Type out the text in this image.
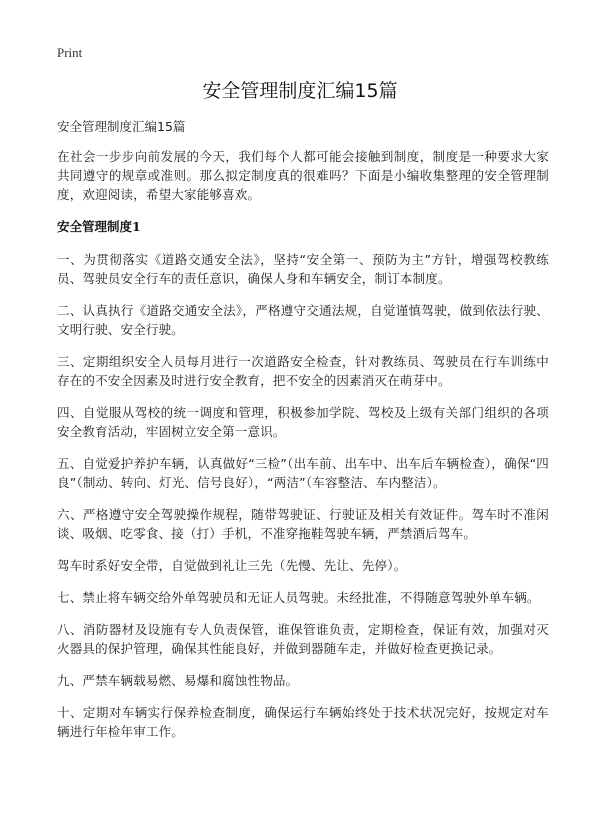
Print
安全管理制度汇编15篇

安全管理制度汇编15篇

在社会一步步向前发展的今天，我们每个人都可能会接触到制度，制度是一种要求大家共同遵守的规章或准则。那么拟定制度真的很难吗？下面是小编收集整理的安全管理制度，欢迎阅读，希望大家能够喜欢。

安全管理制度1

一、为贯彻落实《道路交通安全法》，坚持“安全第一、预防为主”方针，增强驾校教练员、驾驶员安全行车的责任意识，确保人身和车辆安全，制订本制度。

二、认真执行《道路交通安全法》，严格遵守交通法规，自觉谨慎驾驶，做到依法行驶、文明行驶、安全行驶。

三、定期组织安全人员每月进行一次道路安全检查，针对教练员、驾驶员在行车训练中存在的不安全因素及时进行安全教育，把不安全的因素消灭在萌芽中。

四、自觉服从驾校的统一调度和管理，积极参加学院、驾校及上级有关部门组织的各项安全教育活动，牢固树立安全第一意识。

五、自觉爱护养护车辆，认真做好“三检”（出车前、出车中、出车后车辆检查），确保“四良”（制动、转向、灯光、信号良好），“两洁”（车容整洁、车内整洁）。

六、严格遵守安全驾驶操作规程，随带驾驶证、行驶证及相关有效证件。驾车时不准闲谈、吸烟、吃零食、接（打）手机，不准穿拖鞋驾驶车辆，严禁酒后驾车。

驾车时系好安全带，自觉做到礼让三先（先慢、先让、先停）。

七、禁止将车辆交给外单驾驶员和无证人员驾驶。未经批准，不得随意驾驶外单车辆。

八、消防器材及设施有专人负责保管，谁保管谁负责，定期检查，保证有效，加强对灭火器具的保护管理，确保其性能良好，并做到器随车走，并做好检查更换记录。

九、严禁车辆载易燃、易爆和腐蚀性物品。

十、定期对车辆实行保养检查制度，确保运行车辆始终处于技术状况完好，按规定对车辆进行年检年审工作。
